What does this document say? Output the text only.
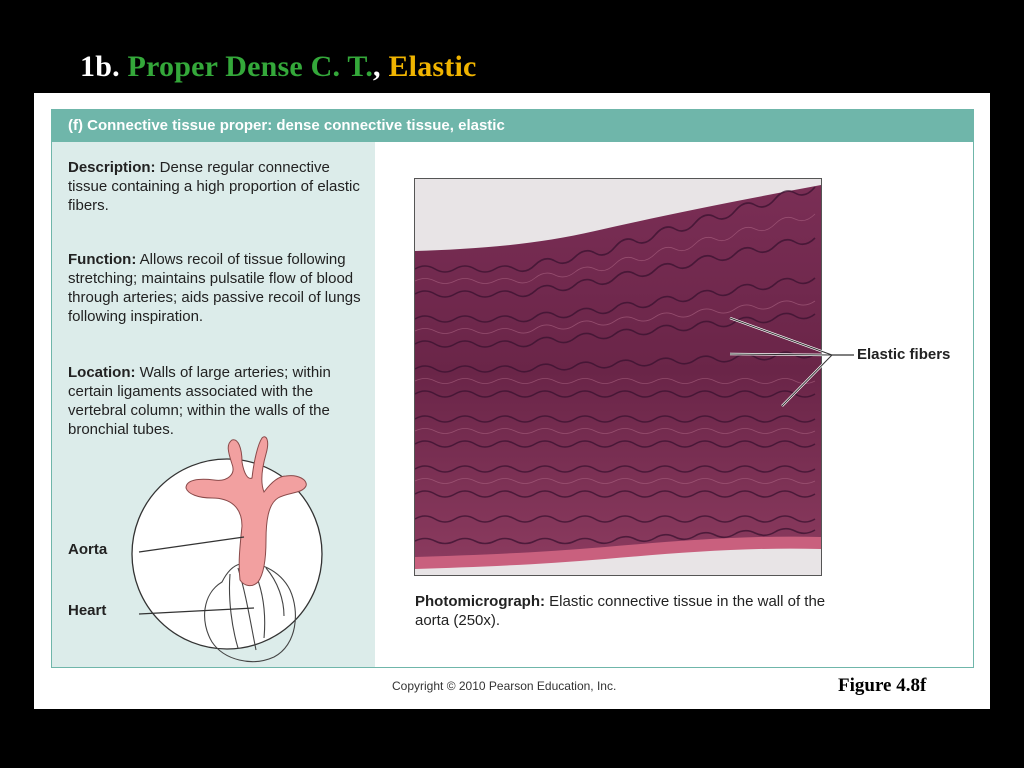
1b. Proper Dense C. T., Elastic
(f) Connective tissue proper: dense connective tissue, elastic
Description: Dense regular connective tissue containing a high proportion of elastic fibers.
Function: Allows recoil of tissue following stretching; maintains pulsatile flow of blood through arteries; aids passive recoil of lungs following inspiration.
Location: Walls of large arteries; within certain ligaments associated with the vertebral column; within the walls of the bronchial tubes.
Aorta
Heart
Elastic fibers
Photomicrograph: Elastic connective tissue in the wall of the aorta (250x).
Copyright © 2010 Pearson Education, Inc.	Figure 4.8f
